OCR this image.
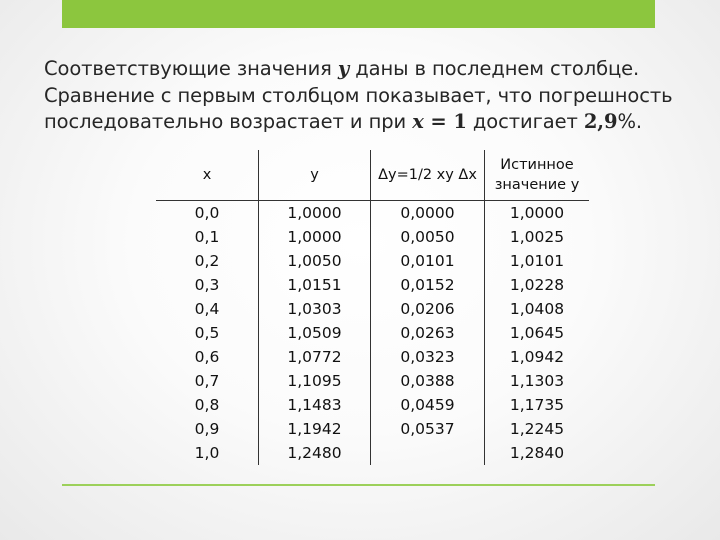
Соответствующие значения y даны в последнем столбце.
Сравнение с первым столбцом показывает, что погрешность
последовательно возрастает и при x = 1 достигает 2,9%.
x	y	Δy=1/2 xy Δx	Истинное значение y
0,0	1,0000	0,0000	1,0000
0,1	1,0000	0,0050	1,0025
0,2	1,0050	0,0101	1,0101
0,3	1,0151	0,0152	1,0228
0,4	1,0303	0,0206	1,0408
0,5	1,0509	0,0263	1,0645
0,6	1,0772	0,0323	1,0942
0,7	1,1095	0,0388	1,1303
0,8	1,1483	0,0459	1,1735
0,9	1,1942	0,0537	1,2245
1,0	1,2480		1,2840
